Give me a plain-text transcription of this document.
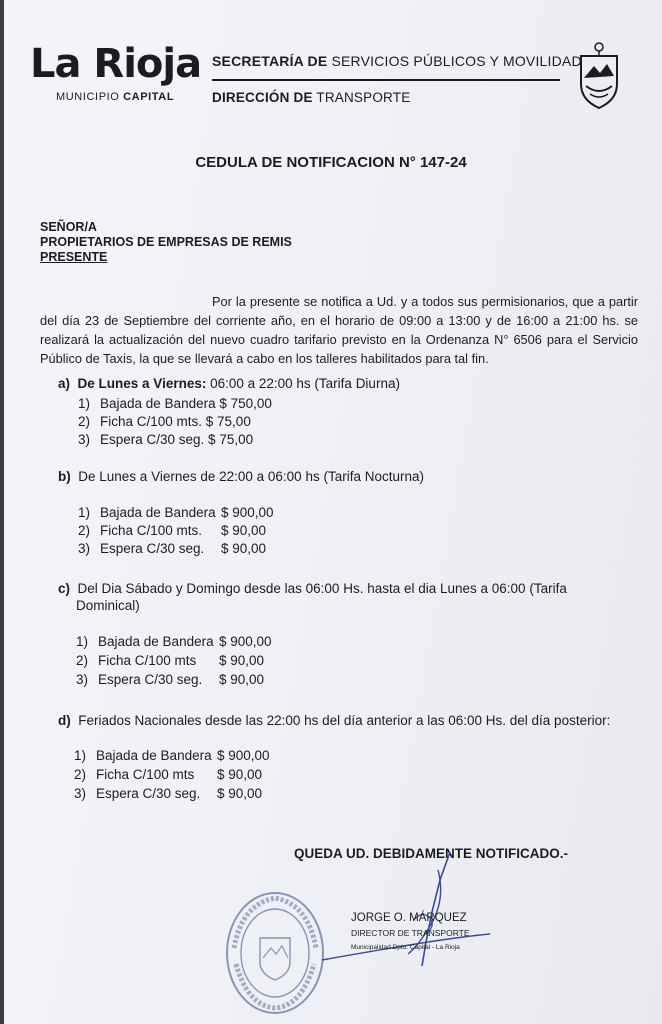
La Rioja
MUNICIPIO CAPITAL
SECRETARÍA DE SERVICIOS PÚBLICOS Y MOVILIDAD
DIRECCIÓN DE TRANSPORTE
CEDULA DE NOTIFICACION N° 147-24
SEÑOR/A
PROPIETARIOS DE EMPRESAS DE REMIS
PRESENTE
Por la presente se notifica a Ud. y a todos sus permisionarios, que a partir del día 23 de Septiembre del corriente año, en el horario de 09:00 a 13:00 y de 16:00 a 21:00 hs. se realizará la actualización del nuevo cuadro tarifario previsto en la Ordenanza N° 6506 para el Servicio Público de Taxis, la que se llevará a cabo en los talleres habilitados para tal fin.
a) De Lunes a Viernes: 06:00 a 22:00 hs (Tarifa Diurna)
1) Bajada de Bandera $ 750,00
2) Ficha C/100 mts. $ 75,00
3) Espera C/30 seg. $ 75,00
b) De Lunes a Viernes de 22:00 a 06:00 hs (Tarifa Nocturna)
1) Bajada de Bandera $ 900,00
2) Ficha C/100 mts. $ 90,00
3) Espera C/30 seg. $ 90,00
c) Del Dia Sábado y Domingo desde las 06:00 Hs. hasta el dia Lunes a 06:00 (Tarifa
Dominical)
1) Bajada de Bandera $ 900,00
2) Ficha C/100 mts $ 90,00
3) Espera C/30 seg. $ 90,00
d) Feriados Nacionales desde las 22:00 hs del día anterior a las 06:00 Hs. del día posterior:
1) Bajada de Bandera $ 900,00
2) Ficha C/100 mts $ 90,00
3) Espera C/30 seg. $ 90,00
QUEDA UD. DEBIDAMENTE NOTIFICADO.-
JORGE O. MÁRQUEZ
DIRECTOR DE TRANSPORTE
Municipalidad Dpto. Capital - La Rioja
